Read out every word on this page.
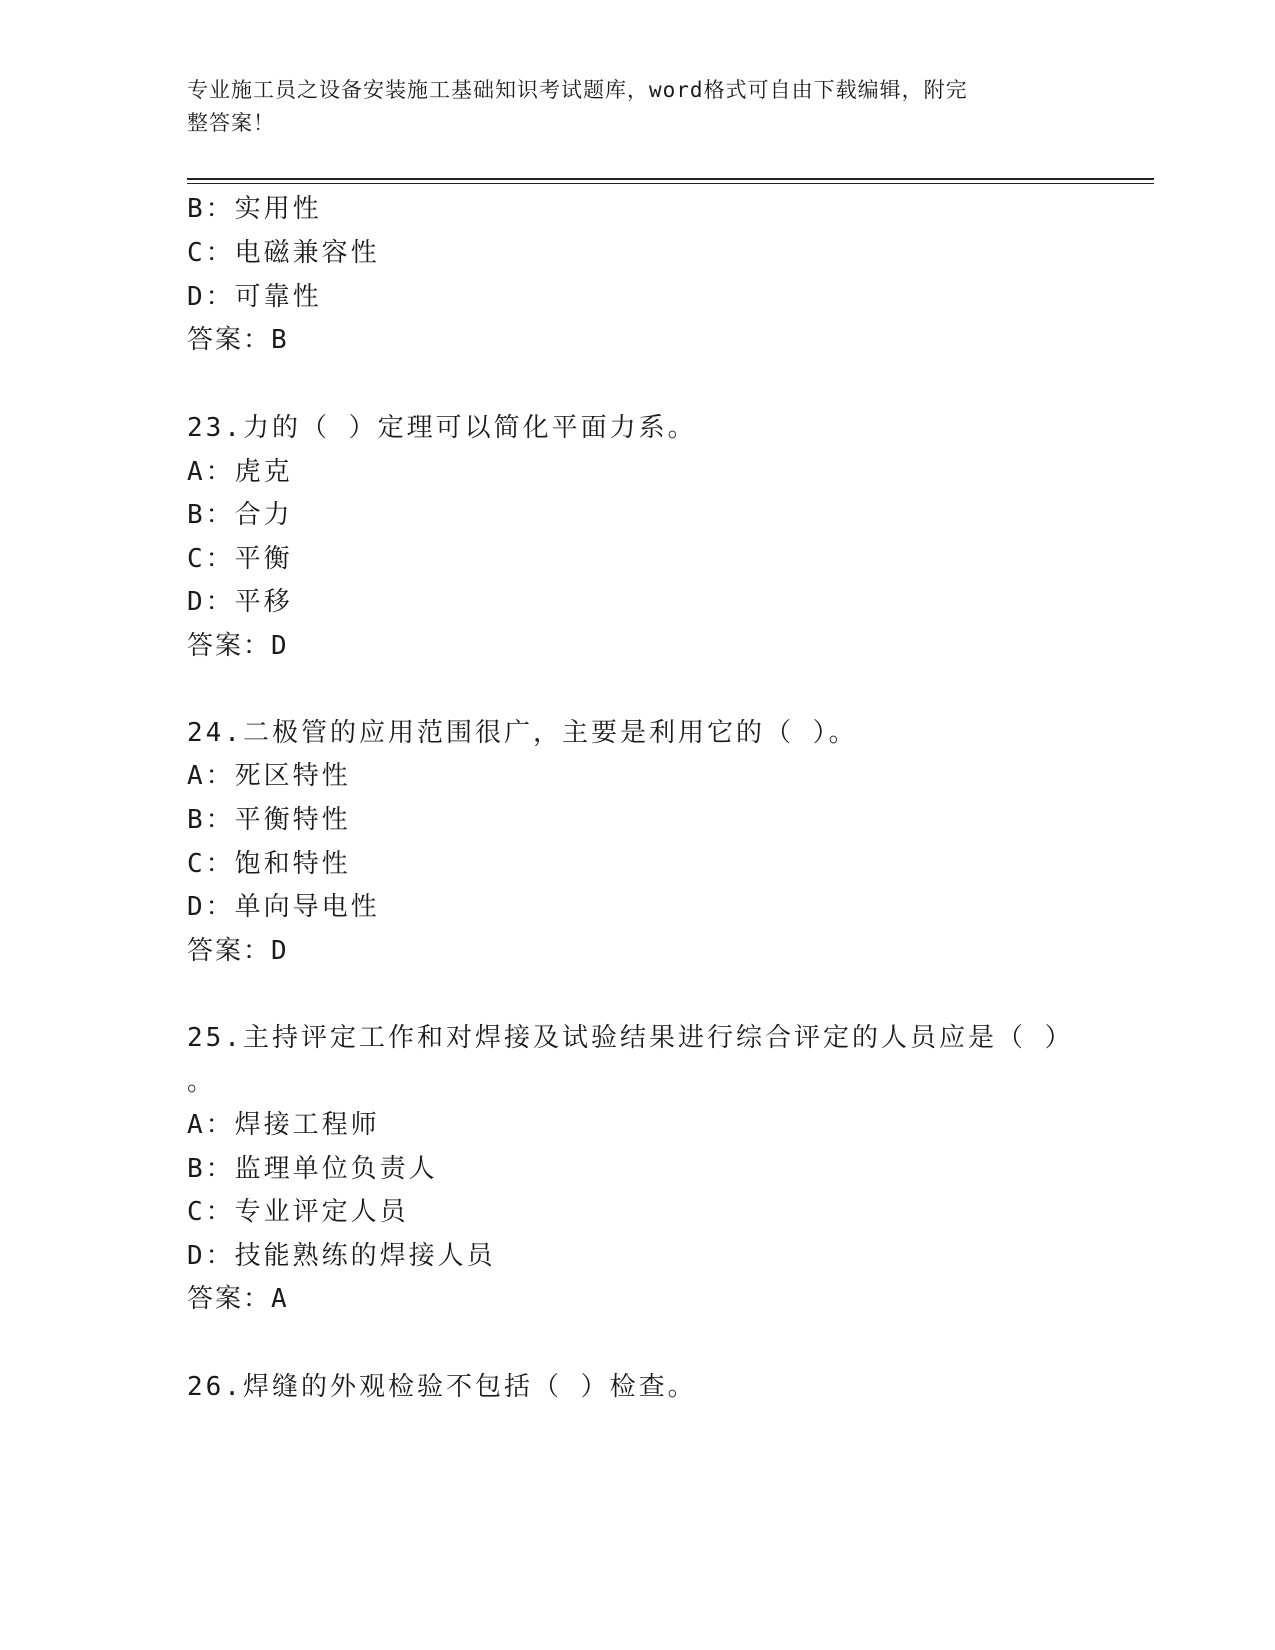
专业施工员之设备安装施工基础知识考试题库，word格式可自由下载编辑，附完
整答案！
B：实用性
C：电磁兼容性
D：可靠性
答案：B
23.力的（ ）定理可以简化平面力系。
A：虎克
B：合力
C：平衡
D：平移
答案：D
24.二极管的应用范围很广，主要是利用它的（ ）。
A：死区特性
B：平衡特性
C：饱和特性
D：单向导电性
答案：D
25.主持评定工作和对焊接及试验结果进行综合评定的人员应是（ ）
。
A：焊接工程师
B：监理单位负责人
C：专业评定人员
D：技能熟练的焊接人员
答案：A
26.焊缝的外观检验不包括（ ）检查。
